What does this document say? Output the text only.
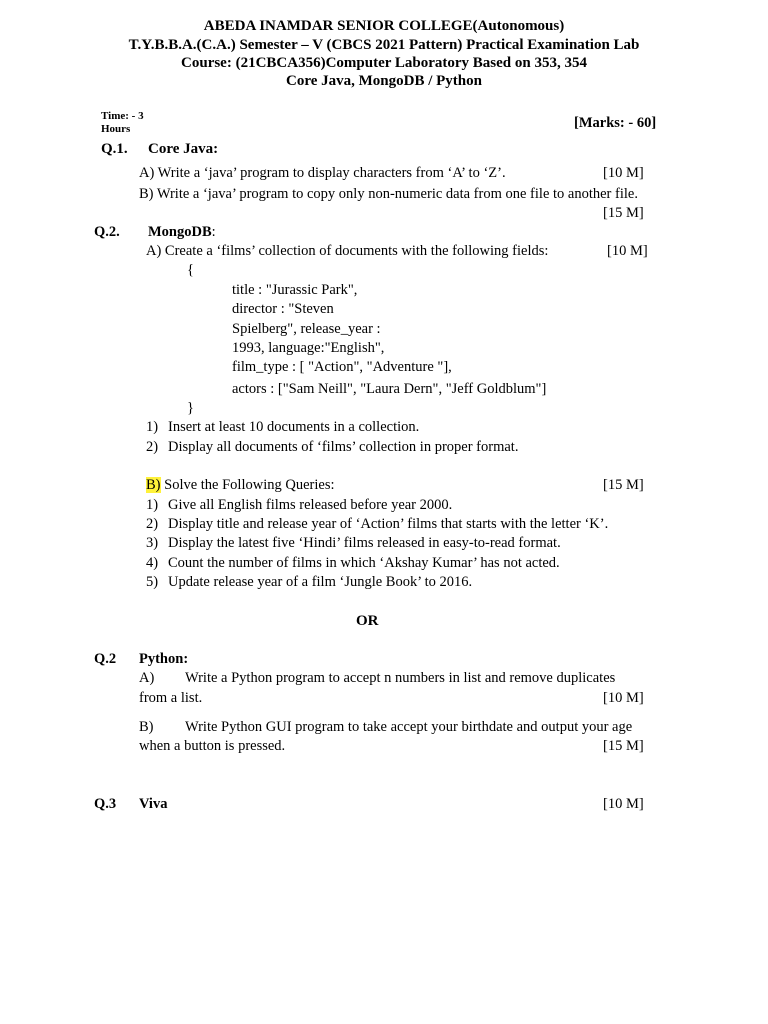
ABEDA INAMDAR SENIOR COLLEGE(Autonomous)
T.Y.B.B.A.(C.A.) Semester – V (CBCS 2021 Pattern) Practical Examination Lab
Course: (21CBCA356)Computer Laboratory Based on 353, 354
Core Java, MongoDB / Python
Time: - 3
Hours	[Marks: - 60]
Q.1. Core Java:
A) Write a ‘java’ program to display characters from ‘A’ to ‘Z’.	[10 M]
B) Write a ‘java’ program to copy only non-numeric data from one file to another file.
[15 M]
Q.2. MongoDB:
A) Create a ‘films’ collection of documents with the following fields:	[10 M]
{
title : "Jurassic Park",
director : "Steven
Spielberg", release_year :
1993, language:"English",
film_type : [ "Action", "Adventure "],
actors : ["Sam Neill", "Laura Dern", "Jeff Goldblum"]
}
1) Insert at least 10 documents in a collection.
2) Display all documents of ‘films’ collection in proper format.
B) Solve the Following Queries:	[15 M]
1) Give all English films released before year 2000.
2) Display title and release year of ‘Action’ films that starts with the letter ‘K’.
3) Display the latest five ‘Hindi’ films released in easy-to-read format.
4) Count the number of films in which ‘Akshay Kumar’ has not acted.
5) Update release year of a film ‘Jungle Book’ to 2016.
OR
Q.2 Python:
A) Write a Python program to accept n numbers in list and remove duplicates
from a list.	[10 M]
B) Write Python GUI program to take accept your birthdate and output your age
when a button is pressed.	[15 M]
Q.3 Viva	[10 M]
